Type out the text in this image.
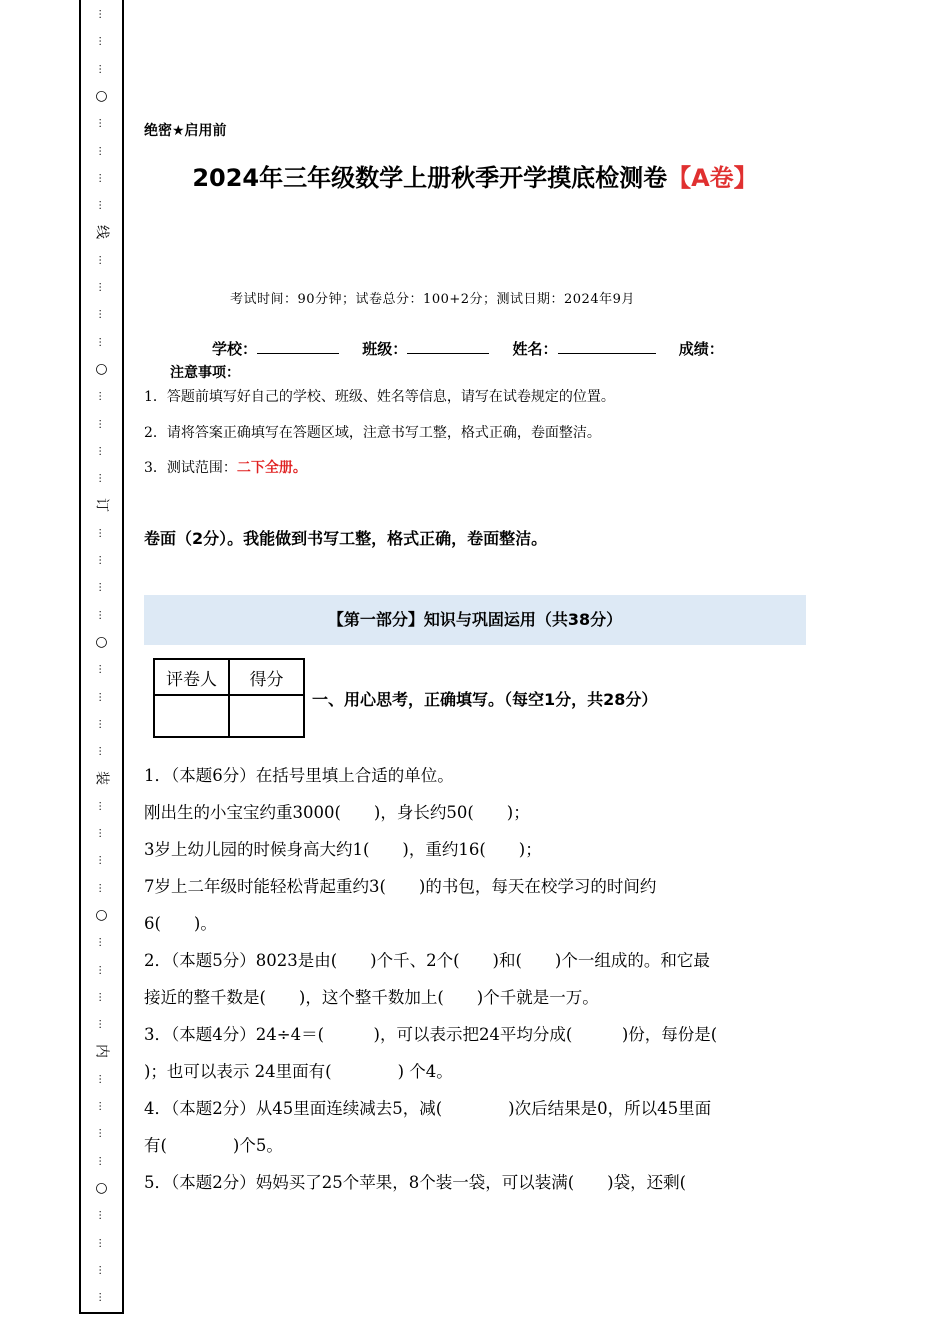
…
…
…
○
…
…
…
…
线
…
…
…
…
○
…
…
…
…
订
…
…
…
…
○
…
…
…
…
装
…
…
…
…
○
…
…
…
…
内
…
…
…
…
○
…
…
…
…
绝密★启用前
2024年三年级数学上册秋季开学摸底检测卷【A卷】
考试时间：90分钟；试卷总分：100+2分；测试日期：2024年9月
学校：	班级：	姓名：	成绩：
注意事项：
1．答题前填写好自己的学校、班级、姓名等信息，请写在试卷规定的位置。
2．请将答案正确填写在答题区域，注意书写工整，格式正确，卷面整洁。
3．测试范围：二下全册。
卷面（2分）。我能做到书写工整，格式正确，卷面整洁。
【第一部分】知识与巩固运用（共38分）
评卷人	得分

一、用心思考，正确填写。（每空1分，共28分）
1．（本题6分）在括号里填上合适的单位。
刚出生的小宝宝约重3000(　　)，身长约50(　　)；
3岁上幼儿园的时候身高大约1(　　)，重约16(　　)；
7岁上二年级时能轻松背起重约3(　　)的书包，每天在校学习的时间约
6(　　)。
2．（本题5分）8023是由(　　)个千、2个(　　)和(　　)个一组成的。和它最
接近的整千数是(　　)，这个整千数加上(　　)个千就是一万。
3．（本题4分）24÷4＝(　　　)，可以表示把24平均分成(　　　)份，每份是(
)；也可以表示 24里面有(　　　　) 个4。
4．（本题2分）从45里面连续减去5，减(　　　　)次后结果是0，所以45里面
有(　　　　)个5。
5．（本题2分）妈妈买了25个苹果，8个装一袋，可以装满(　　)袋，还剩(
